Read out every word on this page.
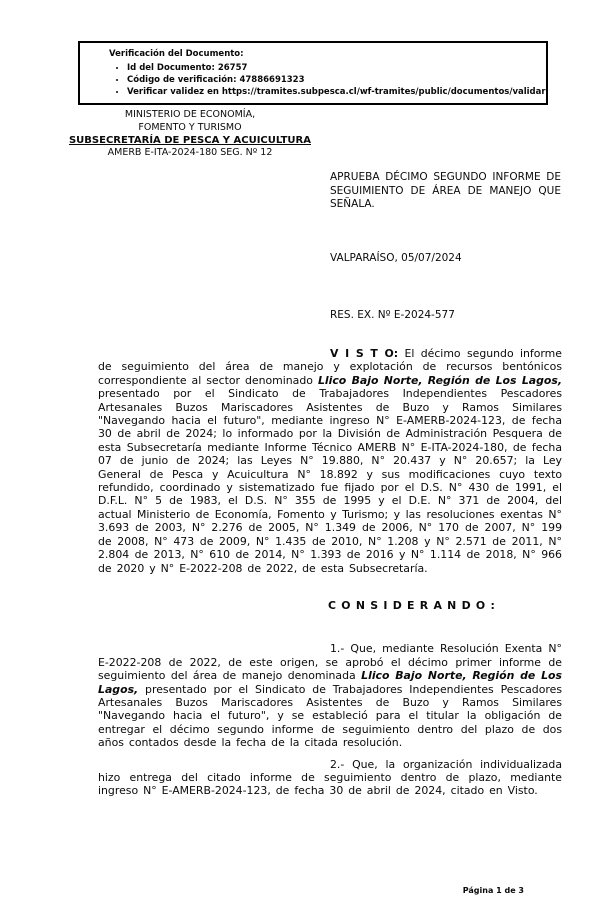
Verificación del Documento:
• Id del Documento: 26757
• Código de verificación: 47886691323
• Verificar validez en https://tramites.subpesca.cl/wf-tramites/public/documentos/validar
MINISTERIO DE ECONOMÍA,
FOMENTO Y TURISMO
SUBSECRETARÍA DE PESCA Y ACUICULTURA
AMERB E-ITA-2024-180 SEG. Nº 12
APRUEBA DÉCIMO SEGUNDO INFORME DE SEGUIMIENTO DE ÁREA DE MANEJO QUE SEÑALA.
VALPARAÍSO, 05/07/2024
RES. EX. Nº E-2024-577

V I S T O: El décimo segundo informe de seguimiento del área de manejo y explotación de recursos bentónicos correspondiente al sector denominado Llico Bajo Norte, Región de Los Lagos, presentado por el Sindicato de Trabajadores Independientes Pescadores Artesanales Buzos Mariscadores Asistentes de Buzo y Ramos Similares "Navegando hacia el futuro", mediante ingreso N° E-AMERB-2024-123, de fecha 30 de abril de 2024; lo informado por la División de Administración Pesquera de esta Subsecretaría mediante Informe Técnico AMERB N° E-ITA-2024-180, de fecha 07 de junio de 2024; las Leyes N° 19.880, N° 20.437 y N° 20.657; la Ley General de Pesca y Acuicultura N° 18.892 y sus modificaciones cuyo texto refundido, coordinado y sistematizado fue fijado por el D.S. N° 430 de 1991, el D.F.L. N° 5 de 1983, el D.S. N° 355 de 1995 y el D.E. N° 371 de 2004, del actual Ministerio de Economía, Fomento y Turismo; y las resoluciones exentas N° 3.693 de 2003, N° 2.276 de 2005, N° 1.349 de 2006, N° 170 de 2007, N° 199 de 2008, N° 473 de 2009, N° 1.435 de 2010, N° 1.208 y N° 2.571 de 2011, N° 2.804 de 2013, N° 610 de 2014, N° 1.393 de 2016 y N° 1.114 de 2018, N° 966 de 2020 y N° E-2022-208 de 2022, de esta Subsecretaría.

C O N S I D E R A N D O :

1.- Que, mediante Resolución Exenta N° E-2022-208 de 2022, de este origen, se aprobó el décimo primer informe de seguimiento del área de manejo denominada Llico Bajo Norte, Región de Los Lagos, presentado por el Sindicato de Trabajadores Independientes Pescadores Artesanales Buzos Mariscadores Asistentes de Buzo y Ramos Similares "Navegando hacia el futuro", y se estableció para el titular la obligación de entregar el décimo segundo informe de seguimiento dentro del plazo de dos años contados desde la fecha de la citada resolución.

2.- Que, la organización individualizada hizo entrega del citado informe de seguimiento dentro de plazo, mediante ingreso N° E-AMERB-2024-123, de fecha 30 de abril de 2024, citado en Visto.

Página 1 de 3
